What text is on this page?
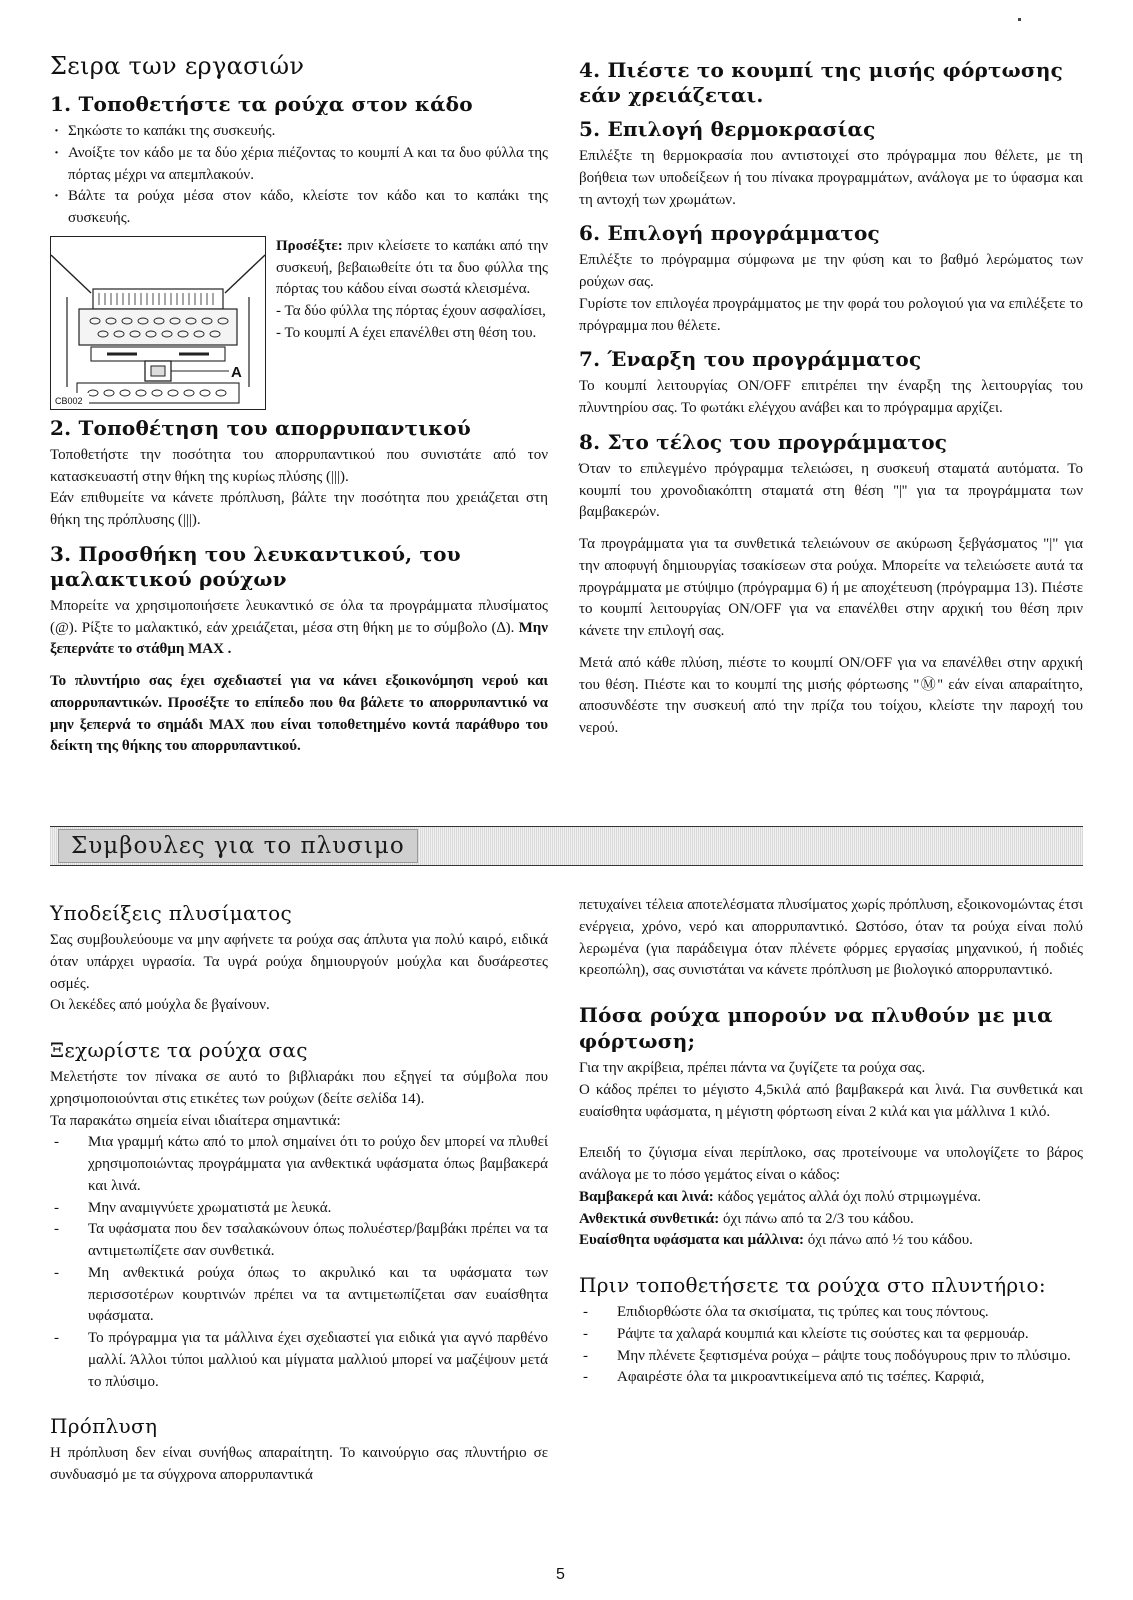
Σειρα των εργασιών
1. Τοποθετήστε τα ρούχα στον κάδο
· Σηκώστε το καπάκι της συσκευής.
· Ανοίξτε τον κάδο με τα δύο χέρια πιέζοντας το κουμπί Α και τα δυο φύλλα της πόρτας μέχρι να απεμπλακούν.
· Βάλτε τα ρούχα μέσα στον κάδο, κλείστε τον κάδο και το καπάκι της συσκευής.
A
CB002

Προσέξτε: πριν κλείσετε το καπάκι από την συσκευή, βεβαιωθείτε ότι τα δυο φύλλα της πόρτας του κάδου είναι σωστά κλεισμένα.

- Τα δύο φύλλα της πόρτας έχουν ασφαλίσει,

- Το κουμπί Α έχει επανέλθει στη θέση του.

2. Τοποθέτηση του απορρυπαντικού

Τοποθετήστε την ποσότητα του απορρυπαντικού που συνιστάτε από τον κατασκευαστή στην θήκη της κυρίως πλύσης (|||).

Εάν επιθυμείτε να κάνετε πρόπλυση, βάλτε την ποσότητα που χρειάζεται στη θήκη της πρόπλυσης (|||).

3. Προσθήκη του λευκαντικού, του μαλακτικού ρούχων

Μπορείτε να χρησιμοποιήσετε λευκαντικό σε όλα τα προγράμματα πλυσίματος (@). Ρίξτε το μαλακτικό, εάν χρειάζεται, μέσα στη θήκη με το σύμβολο (∆). Μην ξεπερνάτε το στάθμη MAX .

Το πλυντήριο σας έχει σχεδιαστεί για να κάνει εξοικονόμηση νερού και απορρυπαντικών. Προσέξτε το επίπεδο που θα βάλετε το απορρυπαντικό να μην ξεπερνά το σημάδι MAX που είναι τοποθετημένο κοντά παράθυρο του δείκτη της θήκης του απορρυπαντικού.

4. Πιέστε το κουμπί της μισής φόρτωσης εάν χρειάζεται.
5. Επιλογή θερμοκρασίας

Επιλέξτε τη θερμοκρασία που αντιστοιχεί στο πρόγραμμα που θέλετε, με τη βοήθεια των υποδείξεων ή του πίνακα προγραμμάτων, ανάλογα με το ύφασμα και τη αντοχή των χρωμάτων.

6. Επιλογή προγράμματος

Επιλέξτε το πρόγραμμα σύμφωνα με την φύση και το βαθμό λερώματος των ρούχων σας.

Γυρίστε τον επιλογέα προγράμματος με την φορά του ρολογιού για να επιλέξετε το πρόγραμμα που θέλετε.

7. Έναρξη του προγράμματος

Το κουμπί λειτουργίας ON/OFF επιτρέπει την έναρξη της λειτουργίας του πλυντηρίου σας. Το φωτάκι ελέγχου ανάβει και το πρόγραμμα αρχίζει.

8. Στο τέλος του προγράμματος

Όταν το επιλεγμένο πρόγραμμα τελειώσει, η συσκευή σταματά αυτόματα. Το κουμπί του χρονοδιακόπτη σταματά στη θέση ''|'' για τα προγράμματα των βαμβακερών.

Τα προγράμματα για τα συνθετικά τελειώνουν σε ακύρωση ξεβγάσματος "|" για την αποφυγή δημιουργίας τσακίσεων στα ρούχα. Μπορείτε να τελειώσετε αυτά τα προγράμματα με στύψιμο (πρόγραμμα 6) ή με αποχέτευση (πρόγραμμα 13). Πιέστε το κουμπί λειτουργίας ON/OFF για να επανέλθει στην αρχική του θέση πριν κάνετε την επιλογή σας.

Μετά από κάθε πλύση, πιέστε το κουμπί ON/OFF για να επανέλθει στην αρχική του θέση. Πιέστε και το κουμπί της μισής φόρτωσης ''Ⓜ'' εάν είναι απαραίτητο, αποσυνδέστε την συσκευή από την πρίζα του τοίχου, κλείστε την παροχή του νερού.

Συμβουλες για το πλυσιμο
Υποδείξεις πλυσίματος

Σας συμβουλεύουμε να μην αφήνετε τα ρούχα σας άπλυτα για πολύ καιρό, ειδικά όταν υπάρχει υγρασία. Τα υγρά ρούχα δημιουργούν μούχλα και δυσάρεστες οσμές.

Οι λεκέδες από μούχλα δε βγαίνουν.

Ξεχωρίστε τα ρούχα σας

Μελετήστε τον πίνακα σε αυτό το βιβλιαράκι που εξηγεί τα σύμβολα που χρησιμοποιούνται στις ετικέτες των ρούχων (δείτε σελίδα 14).

Τα παρακάτω σημεία είναι ιδιαίτερα σημαντικά:

- Μια γραμμή κάτω από το μπολ σημαίνει ότι το ρούχο δεν μπορεί να πλυθεί χρησιμοποιώντας προγράμματα για ανθεκτικά υφάσματα όπως βαμβακερά και λινά.
- Μην αναμιγνύετε χρωματιστά με λευκά.
- Τα υφάσματα που δεν τσαλακώνουν όπως πολυέστερ/βαμβάκι πρέπει να τα αντιμετωπίζετε σαν συνθετικά.
- Μη ανθεκτικά ρούχα όπως το ακρυλικό και τα υφάσματα των περισσοτέρων κουρτινών πρέπει να τα αντιμετωπίζεται σαν ευαίσθητα υφάσματα.
- Το πρόγραμμα για τα μάλλινα έχει σχεδιαστεί για ειδικά για αγνό παρθένο μαλλί. Άλλοι τύποι μαλλιού και μίγματα μαλλιού μπορεί να μαζέψουν μετά το πλύσιμο.
Πρόπλυση

Η πρόπλυση δεν είναι συνήθως απαραίτητη. Το καινούργιο σας πλυντήριο σε συνδυασμό με τα σύγχρονα απορρυπαντικά

πετυχαίνει τέλεια αποτελέσματα πλυσίματος χωρίς πρόπλυση, εξοικονομώντας έτσι ενέργεια, χρόνο, νερό και απορρυπαντικό. Ωστόσο, όταν τα ρούχα είναι πολύ λερωμένα (για παράδειγμα όταν πλένετε φόρμες εργασίας μηχανικού, ή ποδιές κρεοπώλη), σας συνιστάται να κάνετε πρόπλυση με βιολογικό απορρυπαντικό.

Πόσα ρούχα μπορούν να πλυθούν με μια φόρτωση;

Για την ακρίβεια, πρέπει πάντα να ζυγίζετε τα ρούχα σας.

Ο κάδος πρέπει το μέγιστο 4,5κιλά από βαμβακερά και λινά. Για συνθετικά και ευαίσθητα υφάσματα, η μέγιστη φόρτωση είναι 2 κιλά και για μάλλινα 1 κιλό.

Επειδή το ζύγισμα είναι περίπλοκο, σας προτείνουμε να υπολογίζετε το βάρος ανάλογα με το πόσο γεμάτος είναι ο κάδος:

Βαμβακερά και λινά: κάδος γεμάτος αλλά όχι πολύ στριμωγμένα.

Ανθεκτικά συνθετικά: όχι πάνω από τα 2/3 του κάδου.

Ευαίσθητα υφάσματα και μάλλινα: όχι πάνω από ½ του κάδου.

Πριν τοποθετήσετε τα ρούχα στο πλυντήριο:
- Επιδιορθώστε όλα τα σκισίματα, τις τρύπες και τους πόντους.
- Ράψτε τα χαλαρά κουμπιά και κλείστε τις σούστες και τα φερμουάρ.
- Μην πλένετε ξεφτισμένα ρούχα – ράψτε τους ποδόγυρους πριν το πλύσιμο.
- Αφαιρέστε όλα τα μικροαντικείμενα από τις τσέπες. Καρφιά,
5
